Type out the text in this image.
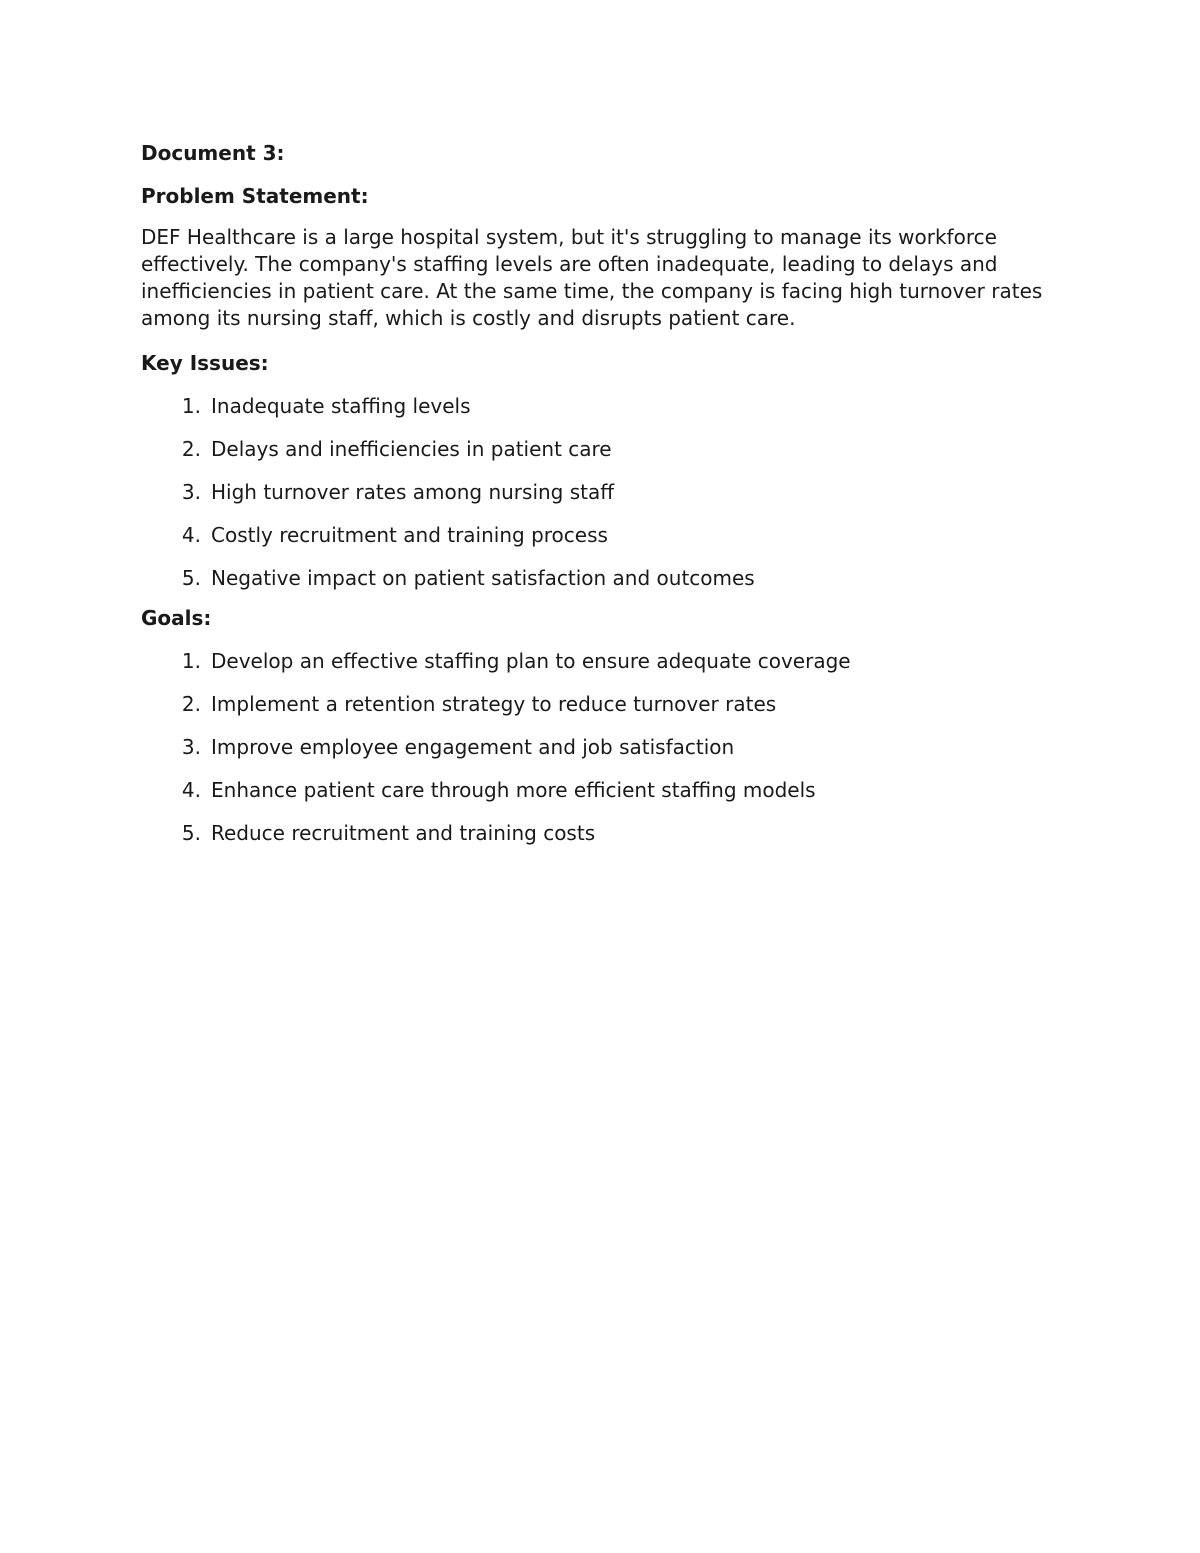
Document 3:

Problem Statement:

DEF Healthcare is a large hospital system, but it's struggling to manage its workforce effectively. The company's staffing levels are often inadequate, leading to delays and inefficiencies in patient care. At the same time, the company is facing high turnover rates among its nursing staff, which is costly and disrupts patient care.

Key Issues:

1. Inadequate staffing levels
2. Delays and inefficiencies in patient care
3. High turnover rates among nursing staff
4. Costly recruitment and training process
5. Negative impact on patient satisfaction and outcomes

Goals:

1. Develop an effective staffing plan to ensure adequate coverage
2. Implement a retention strategy to reduce turnover rates
3. Improve employee engagement and job satisfaction
4. Enhance patient care through more efficient staffing models
5. Reduce recruitment and training costs
